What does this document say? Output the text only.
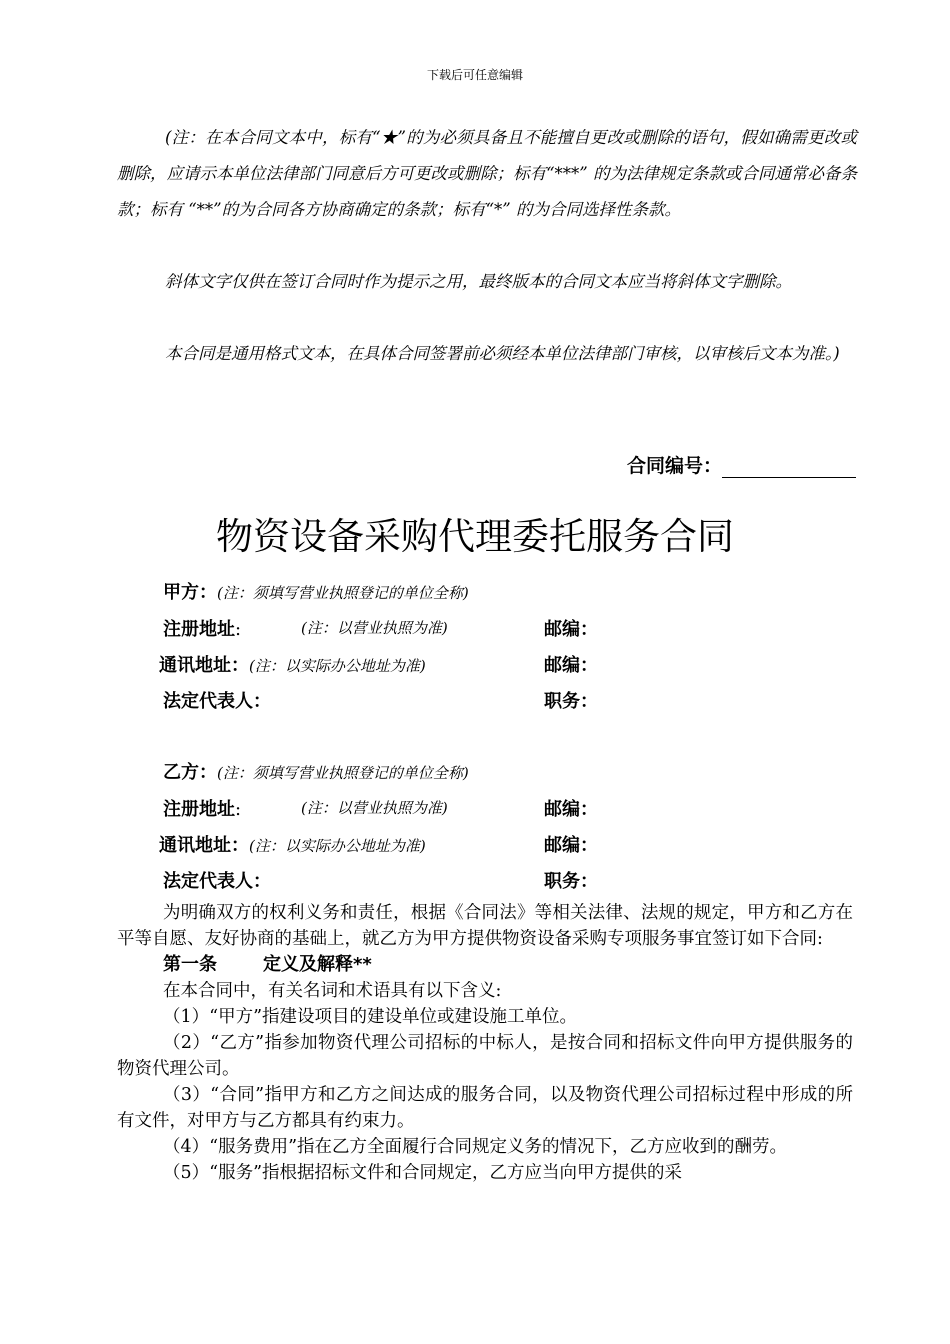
下载后可任意编辑
(注：在本合同文本中，标有“★”的为必须具备且不能擅自更改或删除的语句，假如确需更改或删除，应请示本单位法律部门同意后方可更改或删除；标有“***” 的为法律规定条款或合同通常必备条款；标有 “**”的为合同各方协商确定的条款；标有“*” 的为合同选择性条款。
斜体文字仅供在签订合同时作为提示之用，最终版本的合同文本应当将斜体文字删除。
本合同是通用格式文本，在具体合同签署前必须经本单位法律部门审核，以审核后文本为准。)
合同编号：
物资设备采购代理委托服务合同
甲方：(注：须填写营业执照登记的单位全称)
注册地址:	(注：以营业执照为准)	邮编：
通讯地址：(注：以实际办公地址为准)	邮编：
法定代表人：	职务：
乙方：(注：须填写营业执照登记的单位全称)
注册地址:	(注：以营业执照为准)	邮编：
通讯地址：(注：以实际办公地址为准)	邮编：
法定代表人：	职务：

为明确双方的权利义务和责任，根据《合同法》等相关法律、法规的规定，甲方和乙方在平等自愿、友好协商的基础上，就乙方为甲方提供物资设备采购专项服务事宜签订如下合同:

第一条	定义及解释**

在本合同中，有关名词和术语具有以下含义:

（1）“甲方”指建设项目的建设单位或建设施工单位。

（2）“乙方”指参加物资代理公司招标的中标人，是按合同和招标文件向甲方提供服务的物资代理公司。

（3）“合同”指甲方和乙方之间达成的服务合同，以及物资代理公司招标过程中形成的所有文件，对甲方与乙方都具有约束力。

（4）“服务费用”指在乙方全面履行合同规定义务的情况下，乙方应收到的酬劳。

（5）“服务”指根据招标文件和合同规定，乙方应当向甲方提供的采
